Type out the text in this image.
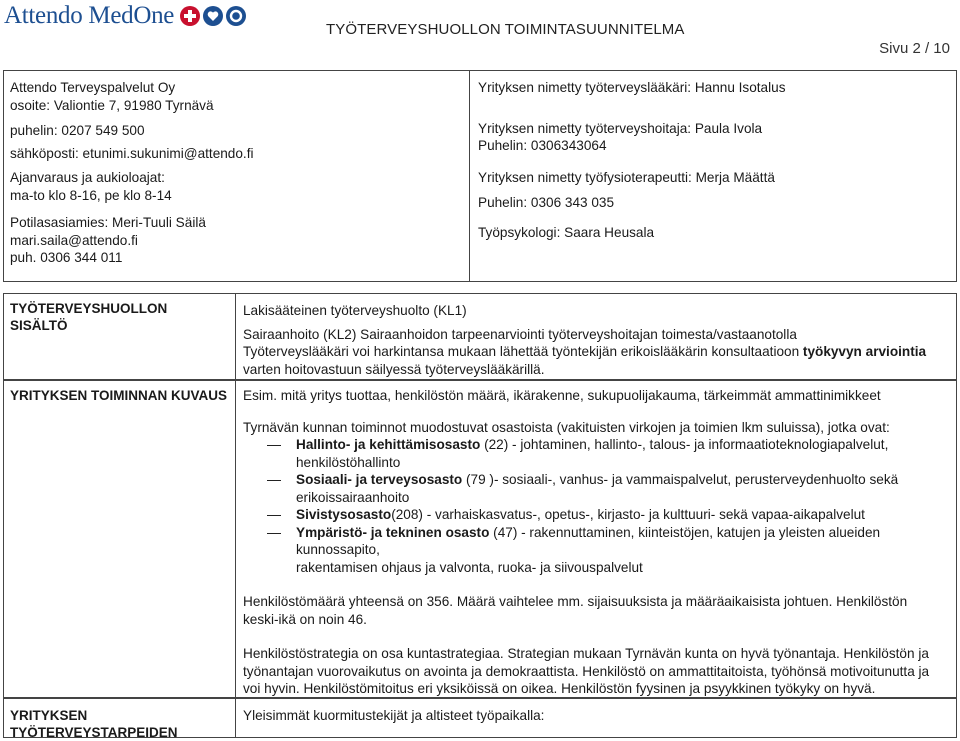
Attendo MedOne
TYÖTERVEYSHUOLLON TOIMINTASUUNNITELMA
Sivu 2 / 10
Attendo Terveyspalvelut Oy
osoite: Valiontie 7, 91980 Tyrnävä
puhelin: 0207 549 500
sähköposti: etunimi.sukunimi@attendo.fi
Ajanvaraus ja aukioloajat:
ma-to klo 8-16, pe klo 8-14
Potilasasiamies: Meri-Tuuli Säilä
mari.saila@attendo.fi
puh. 0306 344 011
Yrityksen nimetty työterveyslääkäri: Hannu Isotalus
Yrityksen nimetty työterveyshoitaja: Paula Ivola
Puhelin: 0306343064
Yrityksen nimetty työfysioterapeutti: Merja Määttä
Puhelin: 0306 343 035
Työpsykologi: Saara Heusala
TYÖTERVEYSHUOLLON
SISÄLTÖ
Lakisääteinen työterveyshuolto (KL1)
Sairaanhoito (KL2) Sairaanhoidon tarpeenarviointi työterveyshoitajan toimesta/vastaanotolla
Työterveyslääkäri voi harkintansa mukaan lähettää työntekijän erikoislääkärin konsultaatioon työkyvyn arviointia
varten hoitovastuun säilyessä työterveyslääkärillä.
YRITYKSEN TOIMINNAN KUVAUS	Esim. mitä yritys tuottaa, henkilöstön määrä, ikärakenne, sukupuolijakauma, tärkeimmät ammattinimikkeet
Tyrnävän kunnan toiminnot muodostuvat osastoista (vakituisten virkojen ja toimien lkm suluissa), jotka ovat:
Hallinto- ja kehittämisosasto (22) - johtaminen, hallinto-, talous- ja informaatioteknologiapalvelut,
henkilöstöhallinto
Sosiaali- ja terveysosasto (79 )- sosiaali-, vanhus- ja vammaispalvelut, perusterveydenhuolto sekä
erikoissairaanhoito
Sivistysosasto(208) - varhaiskasvatus-, opetus-, kirjasto- ja kulttuuri- sekä vapaa-aikapalvelut
Ympäristö- ja tekninen osasto (47) - rakennuttaminen, kiinteistöjen, katujen ja yleisten alueiden kunnossapito,
rakentamisen ohjaus ja valvonta, ruoka- ja siivouspalvelut
Henkilöstömäärä yhteensä on 356. Määrä vaihtelee mm. sijaisuuksista ja määräaikaisista johtuen. Henkilöstön
keski-ikä on noin 46.
Henkilöstöstrategia on osa kuntastrategiaa. Strategian mukaan Tyrnävän kunta on hyvä työnantaja. Henkilöstön ja
työnantajan vuorovaikutus on avointa ja demokraattista. Henkilöstö on ammattitaitoista, työhönsä motivoitunutta ja
voi hyvin. Henkilöstömitoitus eri yksiköissä on oikea. Henkilöstön fyysinen ja psyykkinen työkyky on hyvä.
YRITYKSEN TYÖTERVEYSTARPEIDEN
Yleisimmät kuormitustekijät ja altisteet työpaikalla:
